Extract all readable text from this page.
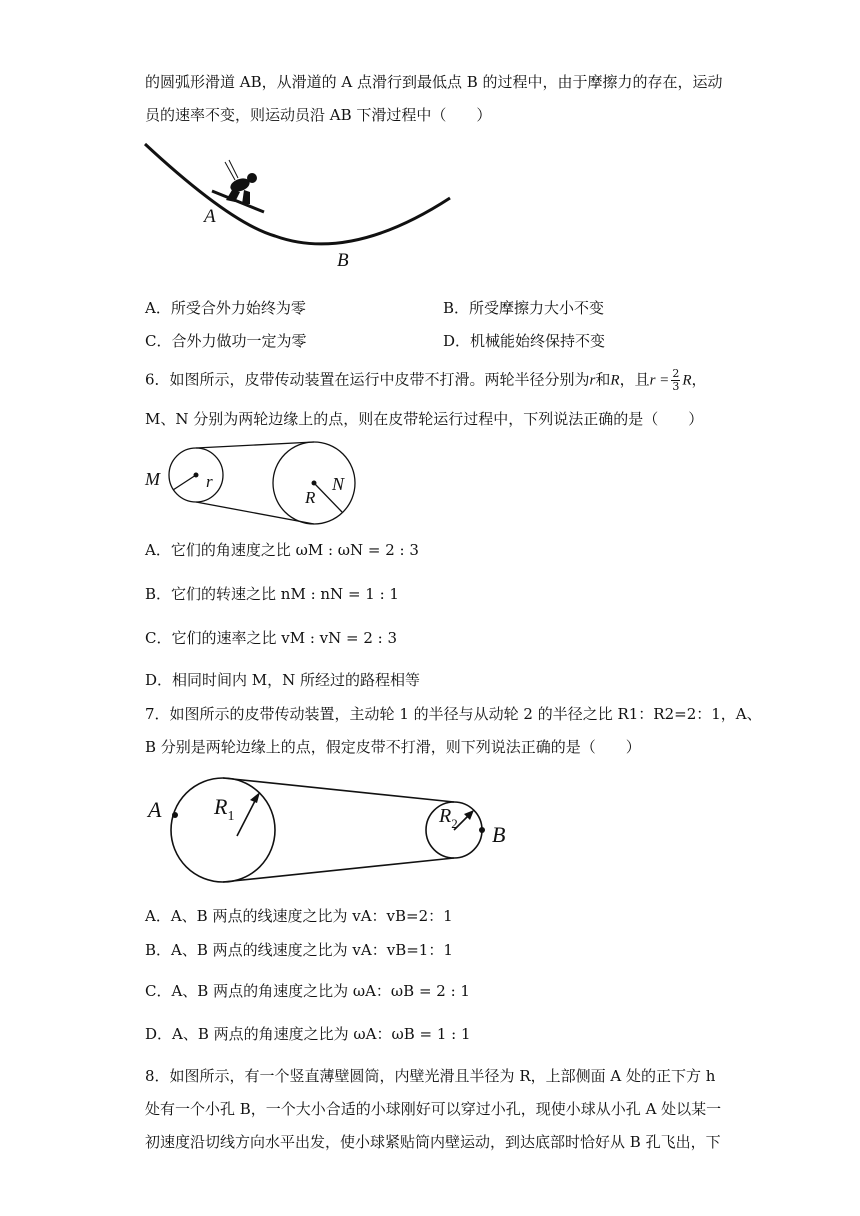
的圆弧形滑道 AB，从滑道的 A 点滑行到最低点 B 的过程中，由于摩擦力的存在，运动
员的速率不变，则运动员沿 AB 下滑过程中（　　）
A
B
A．所受合外力始终为零	B．所受摩擦力大小不变
C．合外力做功一定为零	D．机械能始终保持不变
6．如图所示，皮带传动装置在运行中皮带不打滑。两轮半径分别为r和R，且$r = \frac{2}{3}$ R，
M、N 分别为两轮边缘上的点，则在皮带轮运行过程中，下列说法正确的是（　　）
M	r
R
N
A．它们的角速度之比 ωM : ωN = 2 : 3
B．它们的转速之比 nM : nN = 1 : 1
C．它们的速率之比 vM : vN = 2 : 3
D．相同时间内 M，N 所经过的路程相等
7．如图所示的皮带传动装置，主动轮 1 的半径与从动轮 2 的半径之比 R1：R2=2：1，A、
B 分别是两轮边缘上的点，假定皮带不打滑，则下列说法正确的是（　　）
A $R_1$	$R_2$ B
A．A、B 两点的线速度之比为 vA：vB=2：1
B．A、B 两点的线速度之比为 vA：vB=1：1
C．A、B 两点的角速度之比为 ωA：ωB = 2 : 1
D．A、B 两点的角速度之比为 ωA：ωB = 1 : 1
8．如图所示，有一个竖直薄壁圆筒，内壁光滑且半径为 R，上部侧面 A 处的正下方 h
处有一个小孔 B，一个大小合适的小球刚好可以穿过小孔，现使小球从小孔 A 处以某一
初速度沿切线方向水平出发，使小球紧贴筒内壁运动，到达底部时恰好从 B 孔飞出，下
